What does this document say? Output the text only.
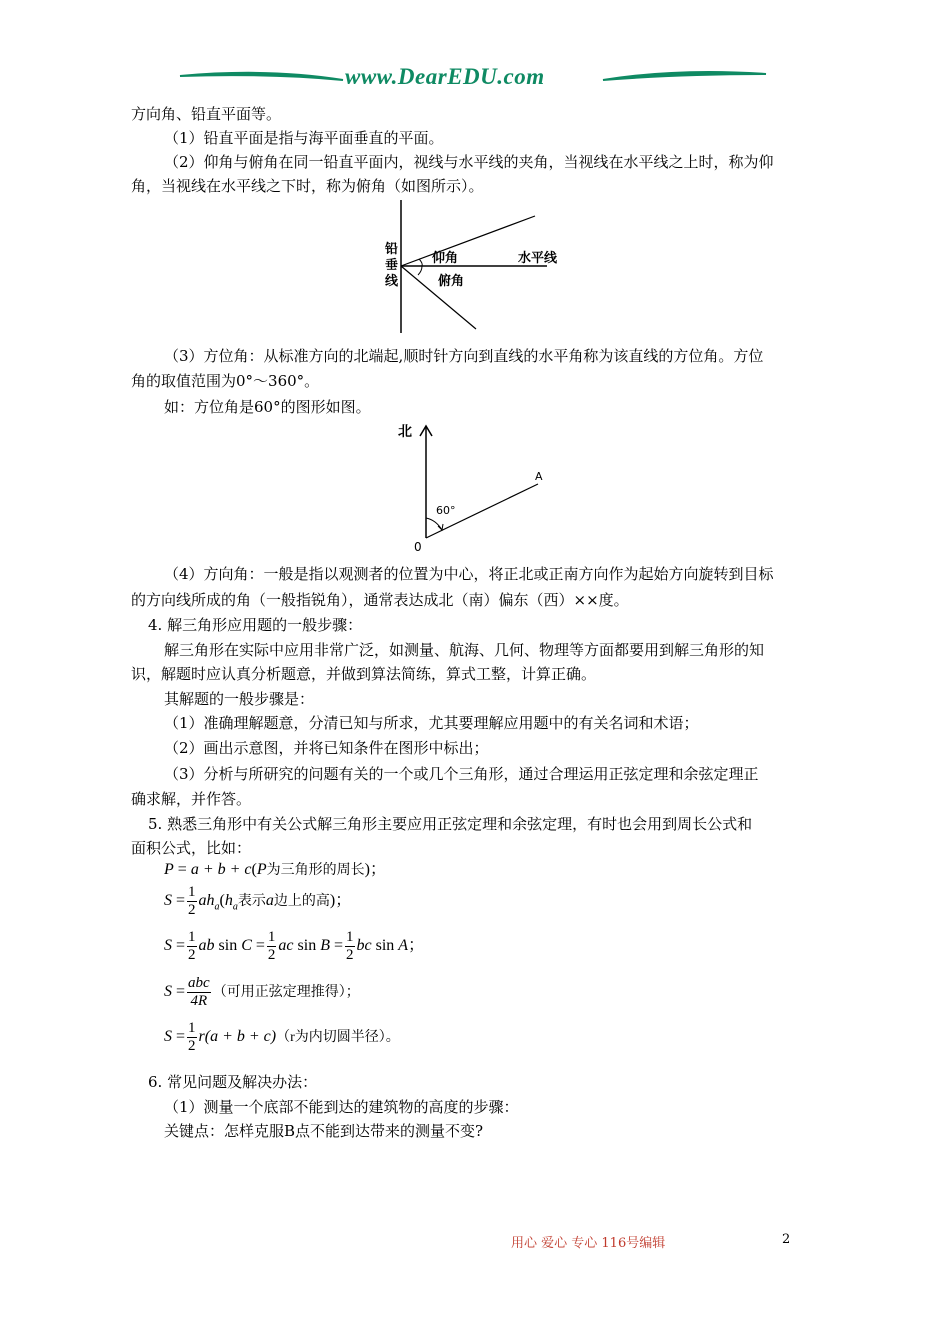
www.DearEDU.com
方向角、铅直平面等。
（1）铅直平面是指与海平面垂直的平面。
（2）仰角与俯角在同一铅直平面内，视线与水平线的夹角，当视线在水平线之上时，称为仰
角，当视线在水平线之下时，称为俯角（如图所示）。
铅
垂
线
仰角
俯角
水平线
（3）方位角：从标准方向的北端起,顺时针方向到直线的水平角称为该直线的方位角。方位
角的取值范围为0°～360°。
如：方位角是60°的图形如图。
北
A
0
60°
（4）方向角：一般是指以观测者的位置为中心，将正北或正南方向作为起始方向旋转到目标
的方向线所成的角（一般指锐角），通常表达成北（南）偏东（西）××度。
4. 解三角形应用题的一般步骤：
解三角形在实际中应用非常广泛，如测量、航海、几何、物理等方面都要用到解三角形的知
识，解题时应认真分析题意，并做到算法简练，算式工整，计算正确。
其解题的一般步骤是：
（1）准确理解题意，分清已知与所求，尤其要理解应用题中的有关名词和术语；
（2）画出示意图，并将已知条件在图形中标出；
（3）分析与所研究的问题有关的一个或几个三角形，通过合理运用正弦定理和余弦定理正
确求解，并作答。
5. 熟悉三角形中有关公式解三角形主要应用正弦定理和余弦定理，有时也会用到周长公式和
面积公式，比如：
P = a + b + c(P为三角形的周长)；
$S = \frac{1}{2} ah_a(h_a$表示a边上的高)；
$S = \frac{1}{2}$ ab $\sin C = \frac{1}{2}$ ac $\sin B = \frac{1}{2}$ bc sin A；
$S = \frac{\text{abc}}{4R}$ （可用正弦定理推得）；
$S = \frac{1}{2} r(a + b + c)(r$为内切圆半径）。
6. 常见问题及解决办法：
（1）测量一个底部不能到达的建筑物的高度的步骤：
关键点：怎样克服B点不能到达带来的测量不变?
用心 爱心 专心 116号编辑	2
